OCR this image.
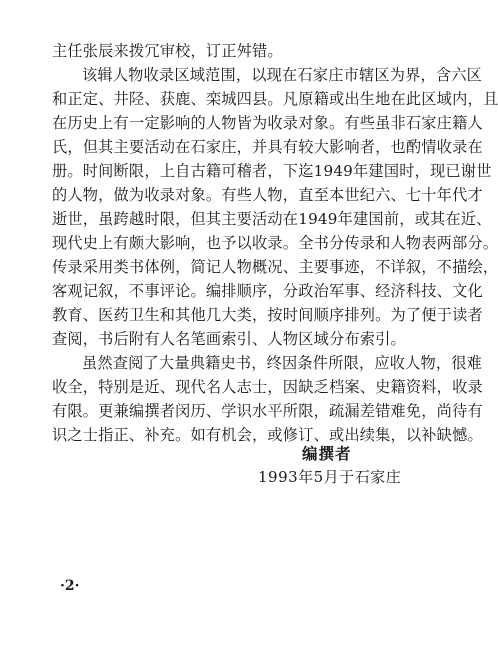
主任张辰来拨冗审校，订正舛错。
该辑人物收录区域范围，以现在石家庄市辖区为界，含六区
和正定、井陉、获鹿、栾城四县。凡原籍或出生地在此区域内，且
在历史上有一定影响的人物皆为收录对象。有些虽非石家庄籍人
氏，但其主要活动在石家庄，并具有较大影响者，也酌情收录在
册。时间断限，上自古籍可稽者，下迄1949年建国时，现已谢世
的人物，做为收录对象。有些人物，直至本世纪六、七十年代才
逝世，虽跨越时限，但其主要活动在1949年建国前，或其在近、
现代史上有颇大影响，也予以收录。全书分传录和人物表两部分。
传录采用类书体例，简记人物概况、主要事迹，不详叙，不描绘，
客观记叙，不事评论。编排顺序，分政治军事、经济科技、文化
教育、医药卫生和其他几大类，按时间顺序排列。为了便于读者
查阅，书后附有人名笔画索引、人物区域分布索引。
虽然查阅了大量典籍史书，终因条件所限，应收人物，很难
收全，特别是近、现代名人志士，因缺乏档案、史籍资料，收录
有限。更兼编撰者闵历、学识水平所限，疏漏差错难免，尚待有
识之士指正、补充。如有机会，或修订、或出续集，以补缺憾。
编撰者
1993年5月于石家庄
·2·
